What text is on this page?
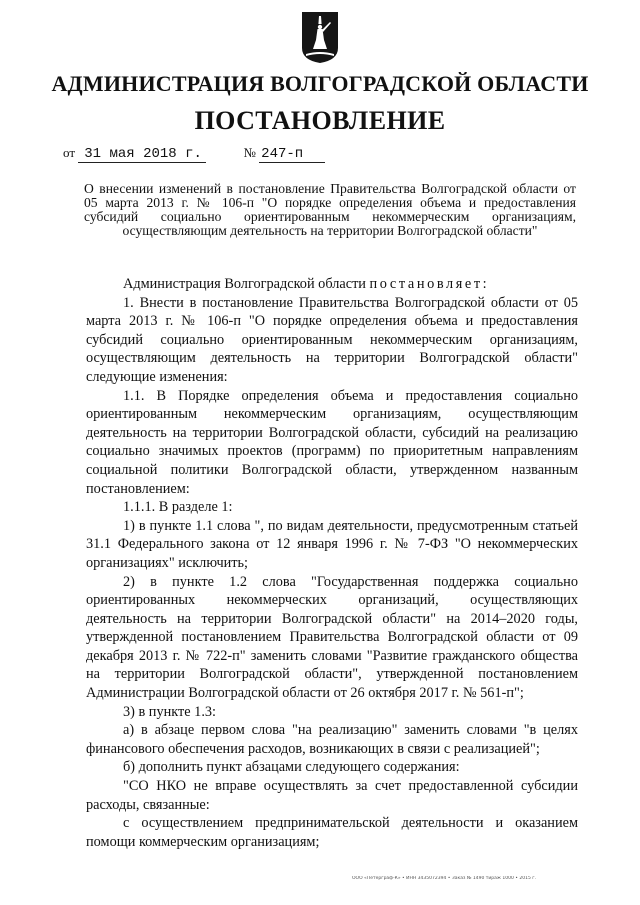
АДМИНИСТРАЦИЯ ВОЛГОГРАДСКОЙ ОБЛАСТИ
ПОСТАНОВЛЕНИЕ
от 31 мая 2018 г.	№ 247-п
О внесении изменений в постановление Правительства Волгоградской области от 05 марта 2013 г. № 106-п "О порядке определения объема и предоставления субсидий социально ориентированным некоммерческим организациям, осуществляющим деятельность на территории Волгоградской области"

Администрация Волгоградской области постановляет:

1. Внести в постановление Правительства Волгоградской области от 05 марта 2013 г. № 106-п "О порядке определения объема и предоставления субсидий социально ориентированным некоммерческим организациям, осуществляющим деятельность на территории Волгоградской области" следующие изменения:

1.1. В Порядке определения объема и предоставления социально ориентированным некоммерческим организациям, осуществляющим деятельность на территории Волгоградской области, субсидий на реализацию социально значимых проектов (программ) по приоритетным направлениям социальной политики Волгоградской области, утвержденном названным постановлением:

1.1.1. В разделе 1:

1) в пункте 1.1 слова ", по видам деятельности, предусмотренным статьей 31.1 Федерального закона от 12 января 1996 г. № 7-ФЗ "О некоммерческих организациях" исключить;

2) в пункте 1.2 слова "Государственная поддержка социально ориентированных некоммерческих организаций, осуществляющих деятельность на территории Волгоградской области" на 2014–2020 годы, утвержденной постановлением Правительства Волгоградской области от 09 декабря 2013 г. № 722-п" заменить словами "Развитие гражданского общества на территории Волгоградской области", утвержденной постановлением Администрации Волгоградской области от 26 октября 2017 г. № 561-п";

3) в пункте 1.3:

а) в абзаце первом слова "на реализацию" заменить словами "в целях финансового обеспечения расходов, возникающих в связи с реализацией";

б) дополнить пункт абзацами следующего содержания:

"СО НКО не вправе осуществлять за счет предоставленной субсидии расходы, связанные:

с осуществлением предпринимательской деятельности и оказанием помощи коммерческим организациям;

ООО «Петерграф-К» • ИНН 3435072394 • Заказ № 1490 тираж 1000 • 2015 г.
